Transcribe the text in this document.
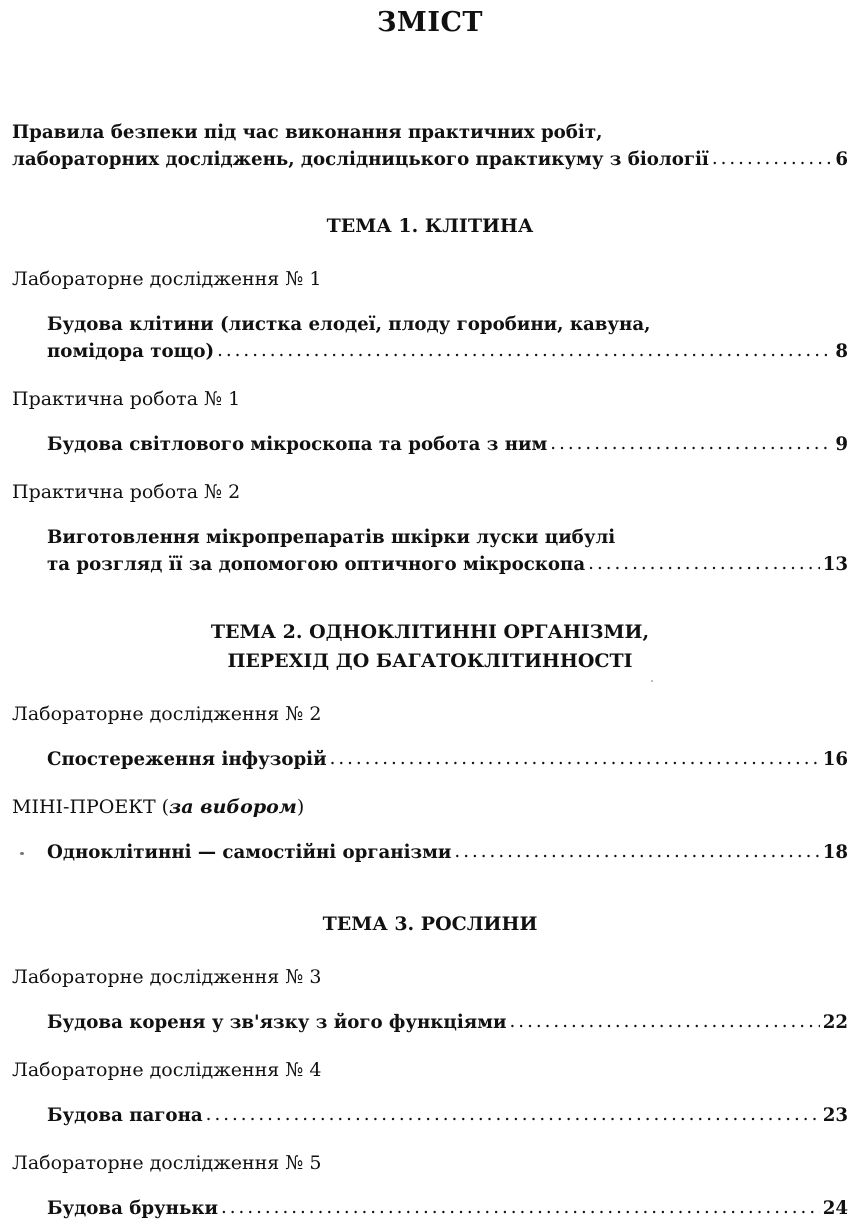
ЗМІСТ
Правила безпеки під час виконання практичних робіт,
лабораторних досліджень, дослідницького практикуму з біології .....	6
ТЕМА 1. КЛІТИНА
Лабораторне дослідження № 1
Будова клітини (листка елодеї, плоду горобини, кавуна,
помідора тощо) .....	8
Практична робота № 1
Будова світлового мікроскопа та робота з ним .....	9
Практична робота № 2
Виготовлення мікропрепаратів шкірки луски цибулі
та розгляд її за допомогою оптичного мікроскопа .....	13
ТЕМА 2. ОДНОКЛІТИННІ ОРГАНІЗМИ,
ПЕРЕХІД ДО БАГАТОКЛІТИННОСТІ
Лабораторне дослідження № 2
Спостереження інфузорій .....	16
МІНІ-ПРОЕКТ (за вибором)
Одноклітинні — самостійні організми .....	18
ТЕМА 3. РОСЛИНИ
Лабораторне дослідження № 3
Будова кореня у зв'язку з його функціями .....	22
Лабораторне дослідження № 4
Будова пагона .....	23
Лабораторне дослідження № 5
Будова бруньки .....	24
